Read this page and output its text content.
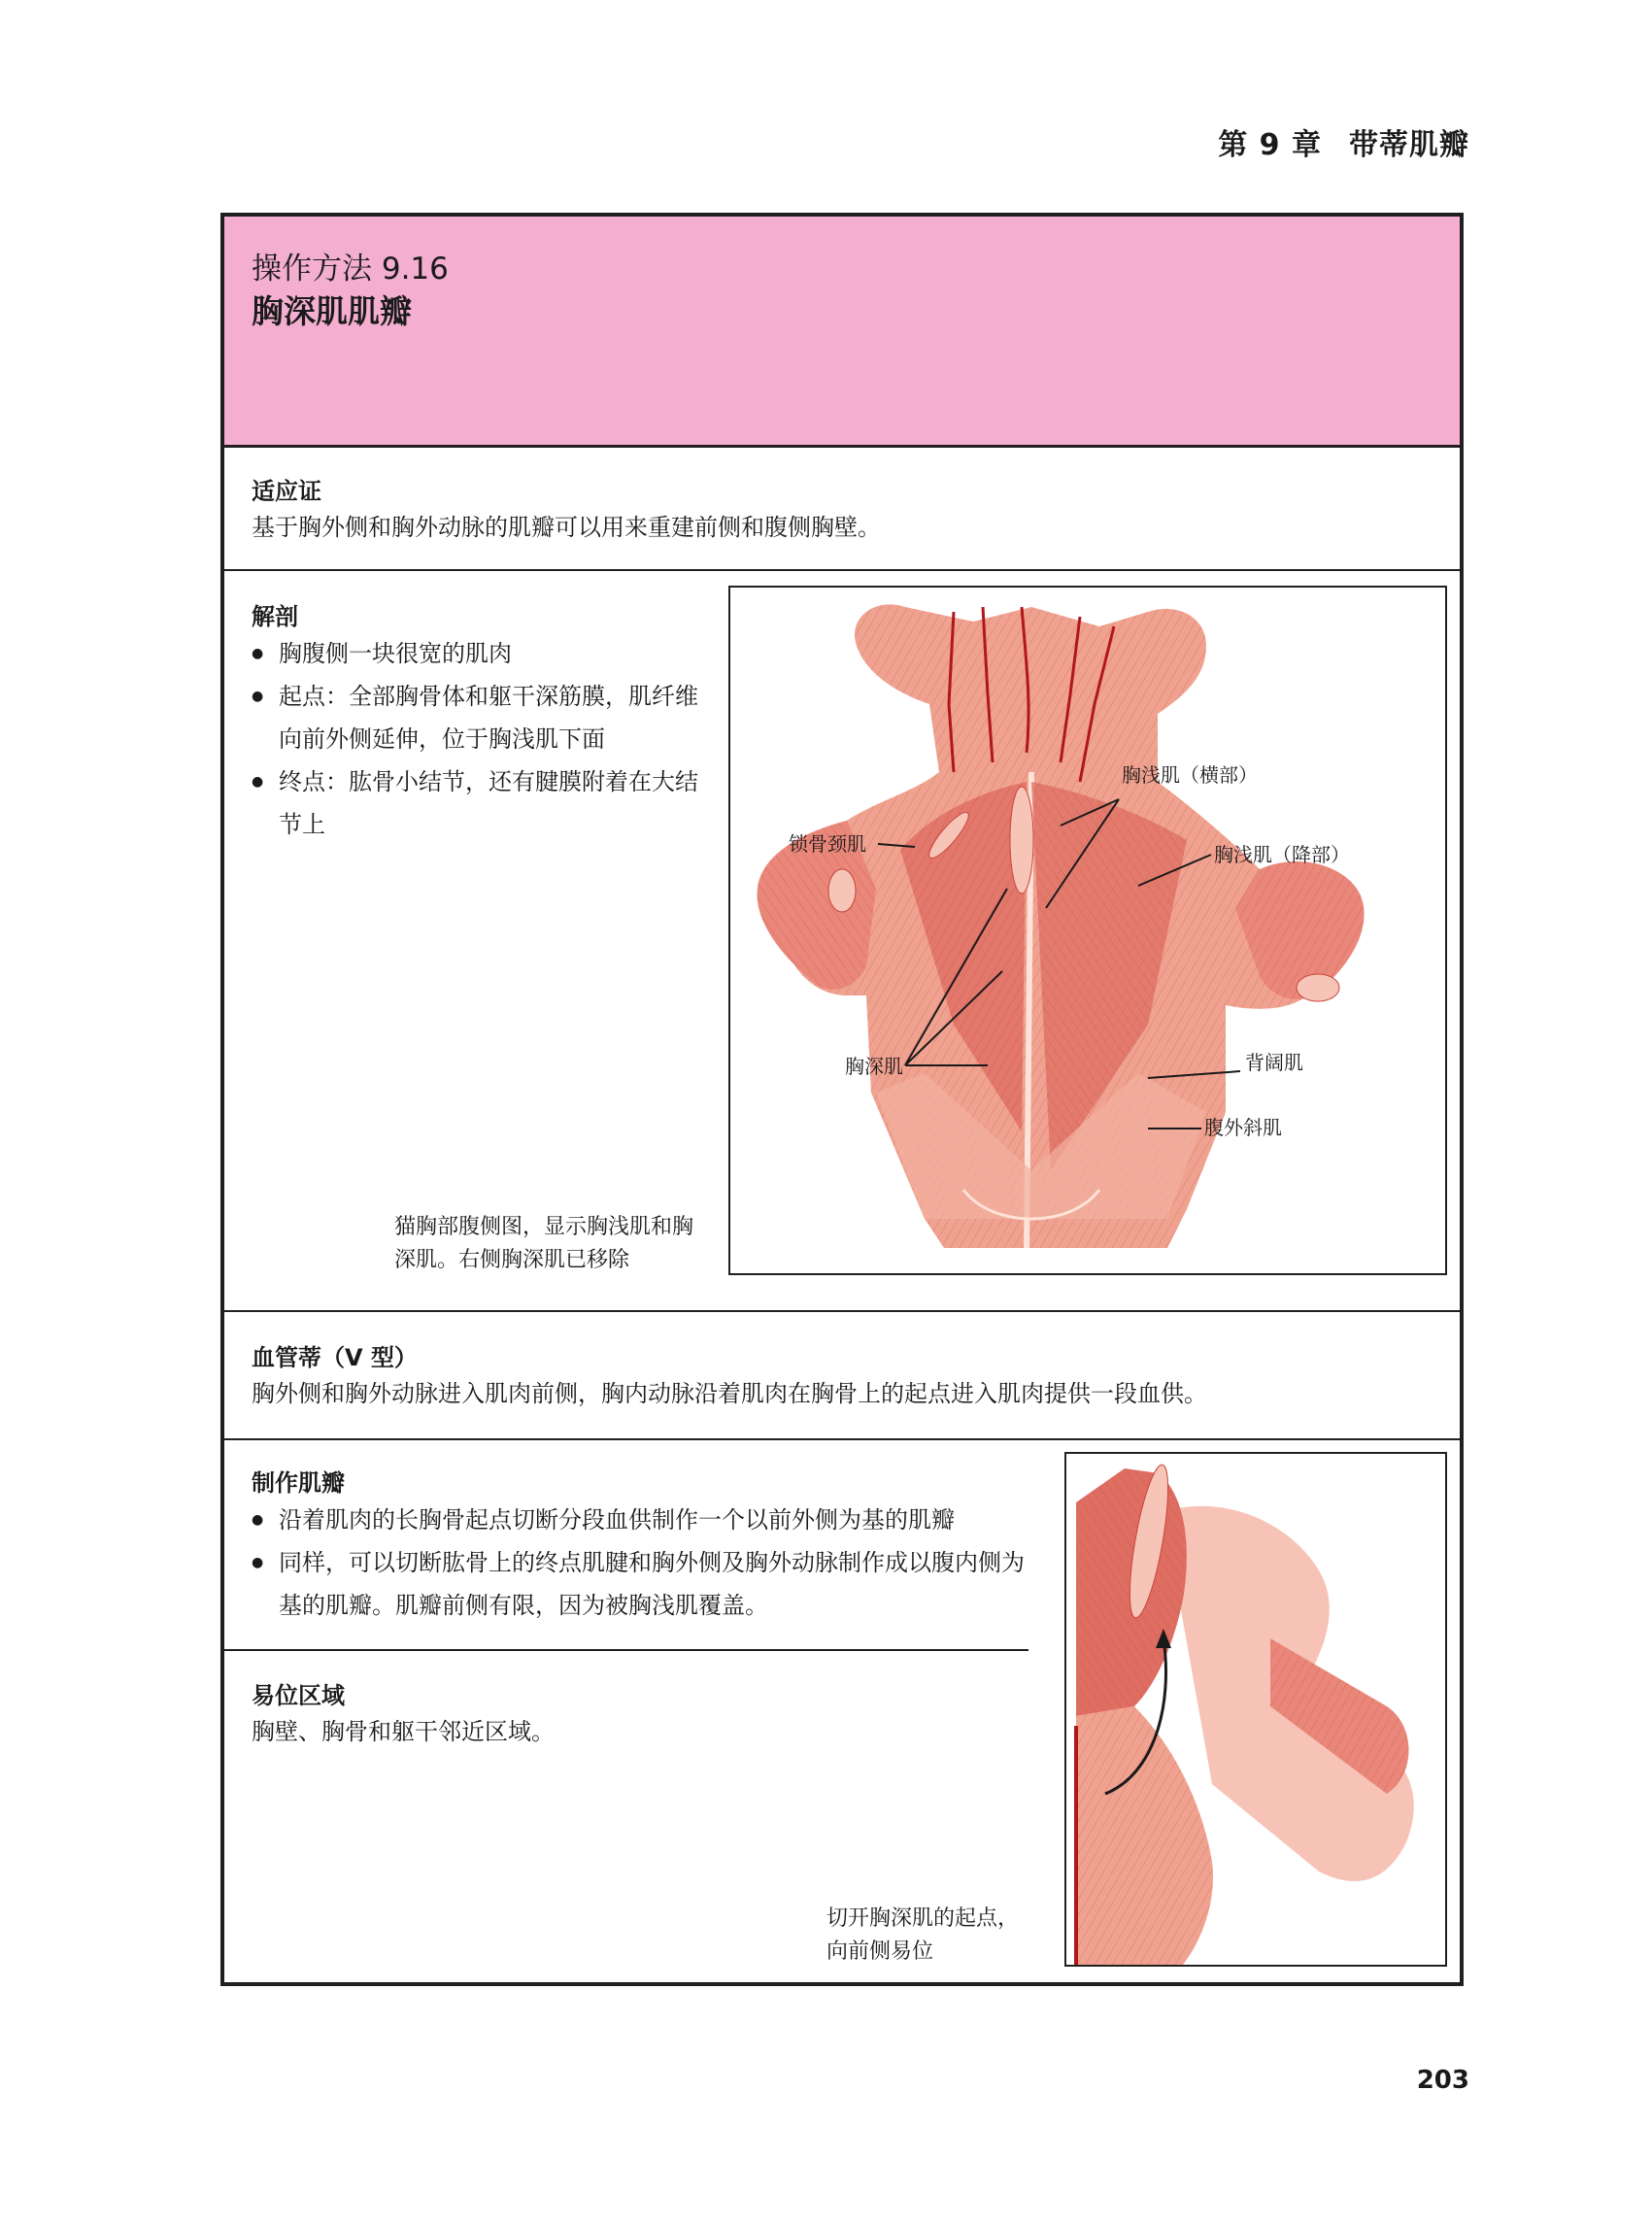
第 9 章 带蒂肌瓣
操作方法 9.16
胸深肌肌瓣
适应证
基于胸外侧和胸外动脉的肌瓣可以用来重建前侧和腹侧胸壁。
解剖
● 胸腹侧一块很宽的肌肉
● 起点：全部胸骨体和躯干深筋膜，肌纤维向前外侧延伸，位于胸浅肌下面
● 终点：肱骨小结节，还有腱膜附着在大结节上
猫胸部腹侧图，显示胸浅肌和胸
深肌。右侧胸深肌已移除
胸浅肌（横部）
锁骨颈肌	胸浅肌（降部）
胸深肌	背阔肌
腹外斜肌
血管蒂（V 型）
胸外侧和胸外动脉进入肌肉前侧，胸内动脉沿着肌肉在胸骨上的起点进入肌肉提供一段血供。
制作肌瓣
● 沿着肌肉的长胸骨起点切断分段血供制作一个以前外侧为基的肌瓣
● 同样，可以切断肱骨上的终点肌腱和胸外侧及胸外动脉制作成以腹内侧为基的肌瓣。肌瓣前侧有限，因为被胸浅肌覆盖。
易位区域
胸壁、胸骨和躯干邻近区域。
切开胸深肌的起点，
向前侧易位
203
